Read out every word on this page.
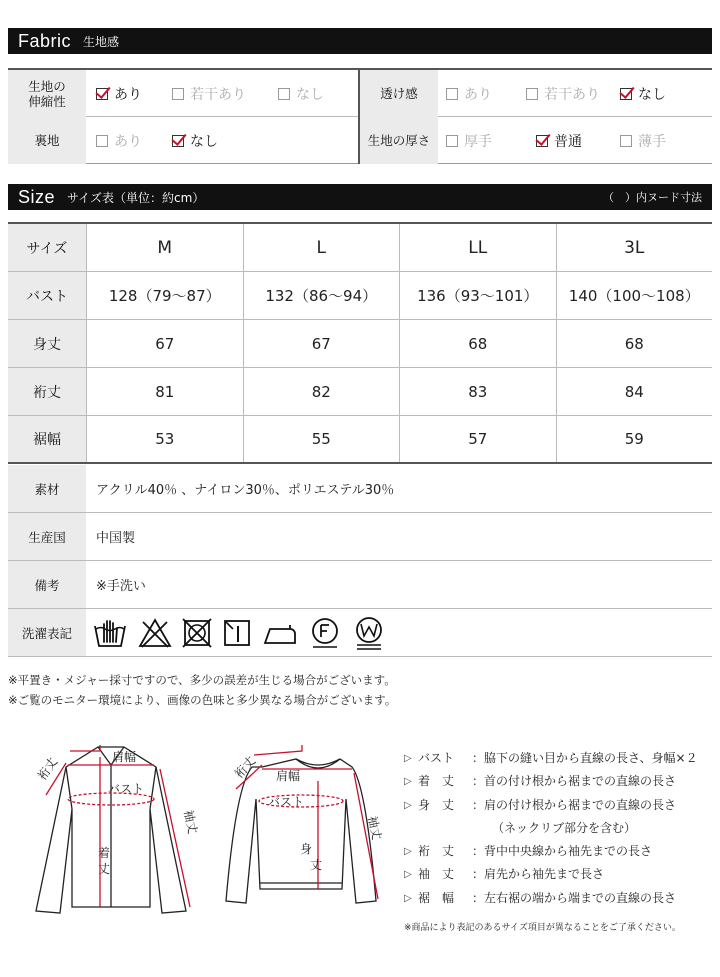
Fabric 生地感
生地の
伸縮性	あり	若干あり	なし	透け感	あり	若干あり	なし
裏地	あり	なし	生地の厚さ	厚手	普通	薄手
Size サイズ表（単位：約cm）	（　）内ヌード寸法
サイズ	M	L	LL	3L
バスト	128（79〜87）	132（86〜94）	136（93〜101）	140（100〜108）
身丈	67	67	68	68
裄丈	81	82	83	84
裾幅	53	55	57	59
素材	アクリル40％ 、ナイロン30％、ポリエステル30％
生産国	中国製
備考	※手洗い
洗濯表記
※平置き・メジャー採寸ですので、多少の誤差が生じる場合がございます。
※ご覧のモニター環境により、画像の色味と多少異なる場合がございます。
裄丈	肩幅
バスト
袖丈
着
丈
裄丈 肩幅
バスト
身
丈
袖丈
▷ バスト	：脇下の縫い目から直線の長さ、身幅×２
▷ 着　丈	：首の付け根から裾までの直線の長さ
▷ 身　丈	：肩の付け根から裾までの直線の長さ
（ネックリブ部分を含む）
▷ 裄　丈	：背中中央線から袖先までの長さ
▷ 袖　丈	：肩先から袖先まで長さ
▷ 裾　幅	：左右裾の端から端までの直線の長さ
※商品により表記のあるサイズ項目が異なることをご了承ください。
